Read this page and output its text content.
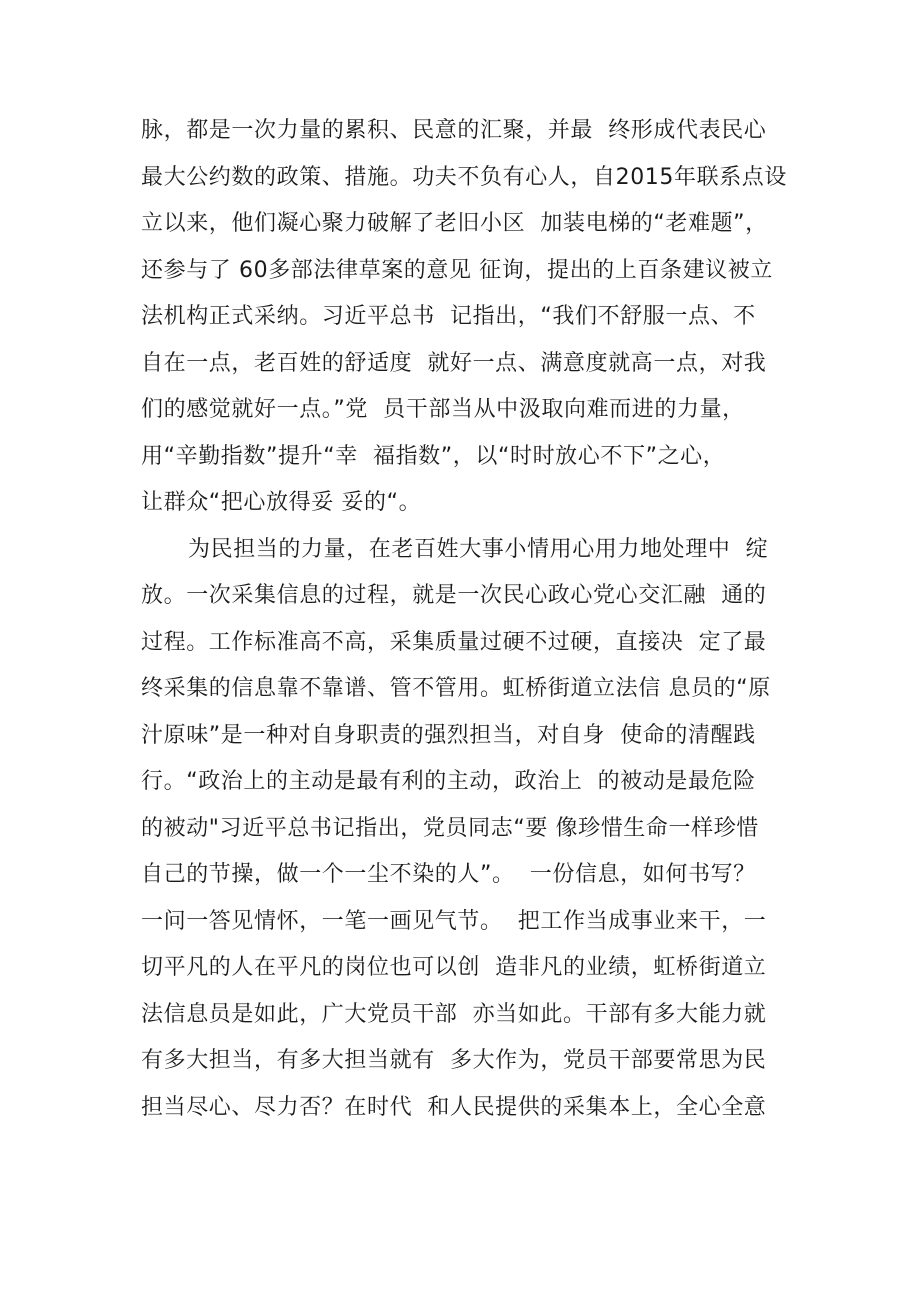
脉，都是一次力量的累积、民意的汇聚，并最  终形成代表民心
最大公约数的政策、措施。功夫不负有心人，自2015年联系点设
立以来，他们凝心聚力破解了老旧小区  加装电梯的“老难题”，
还参与了 60多部法律草案的意见 征询，提出的上百条建议被立
法机构正式采纳。习近平总书  记指出，“我们不舒服一点、不
自在一点，老百姓的舒适度  就好一点、满意度就高一点，对我
们的感觉就好一点。”党  员干部当从中汲取向难而进的力量，
用“辛勤指数”提升“幸  福指数”，以“时时放心不下”之心，
让群众“把心放得妥 妥的“。
为民担当的力量，在老百姓大事小情用心用力地处理中  绽
放。一次采集信息的过程，就是一次民心政心党心交汇融  通的
过程。工作标准高不高，采集质量过硬不过硬，直接决  定了最
终采集的信息靠不靠谱、管不管用。虹桥街道立法信 息员的“原
汁原味”是一种对自身职责的强烈担当，对自身  使命的清醒践
行。“政治上的主动是最有利的主动，政治上  的被动是最危险
的被动"习近平总书记指出，党员同志“要 像珍惜生命一样珍惜
自己的节操，做一个一尘不染的人”。  一份信息，如何书写？
一问一答见情怀，一笔一画见气节。  把工作当成事业来干，一
切平凡的人在平凡的岗位也可以创  造非凡的业绩，虹桥街道立
法信息员是如此，广大党员干部  亦当如此。干部有多大能力就
有多大担当，有多大担当就有  多大作为，党员干部要常思为民
担当尽心、尽力否？在时代  和人民提供的采集本上，全心全意
